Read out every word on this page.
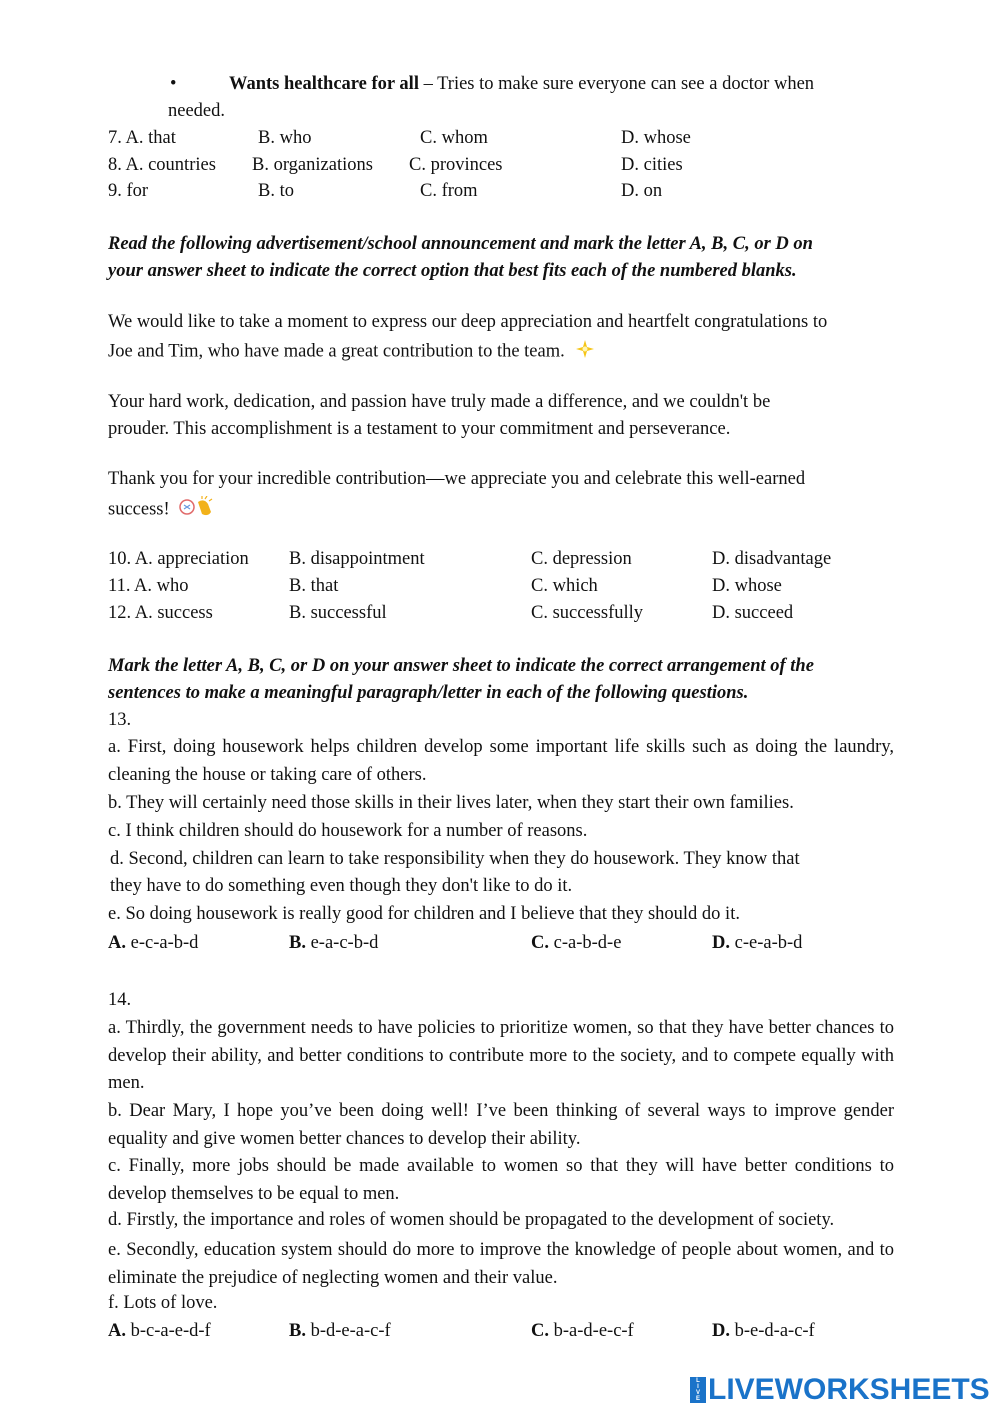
•	Wants healthcare for all – Tries to make sure everyone can see a doctor when
needed.
7. A. that	B. who	C. whom	D. whose
8. A. countries B. organizations C. provinces	D. cities
9. for	B. to	C. from	D. on
Read the following advertisement/school announcement and mark the letter A, B, C, or D on
your answer sheet to indicate the correct option that best fits each of the numbered blanks.
We would like to take a moment to express our deep appreciation and heartfelt congratulations to
Joe and Tim, who have made a great contribution to the team.
Your hard work, dedication, and passion have truly made a difference, and we couldn't be
prouder. This accomplishment is a testament to your commitment and perseverance.
Thank you for your incredible contribution—we appreciate you and celebrate this well-earned
success!
10. A. appreciation B. disappointment	C. depression	D. disadvantage
11. A. who	B. that	C. which	D. whose
12. A. success	B. successful	C. successfully	D. succeed
Mark the letter A, B, C, or D on your answer sheet to indicate the correct arrangement of the
sentences to make a meaningful paragraph/letter in each of the following questions.
13.
a. First, doing housework helps children develop some important life skills such as doing the laundry, cleaning the house or taking care of others.
b. They will certainly need those skills in their lives later, when they start their own families.
c. I think children should do housework for a number of reasons.
d. Second, children can learn to take responsibility when they do housework. They know that
they have to do something even though they don't like to do it.
e. So doing housework is really good for children and I believe that they should do it.
A. e-c-a-b-d	B. e-a-c-b-d	C. c-a-b-d-e	D. c-e-a-b-d
14.
a. Thirdly, the government needs to have policies to prioritize women, so that they have better chances to develop their ability, and better conditions to contribute more to the society, and to compete equally with men.
b. Dear Mary, I hope you’ve been doing well! I’ve been thinking of several ways to improve gender equality and give women better chances to develop their ability.
c. Finally, more jobs should be made available to women so that they will have better conditions to develop themselves to be equal to men.
d. Firstly, the importance and roles of women should be propagated to the development of society.
e. Secondly, education system should do more to improve the knowledge of people about women, and to eliminate the prejudice of neglecting women and their value.
f. Lots of love.
A. b-c-a-e-d-f	B. b-d-e-a-c-f	C. b-a-d-e-c-f	D. b-e-d-a-c-f
L
I
V
E LIVEWORKSHEETS
